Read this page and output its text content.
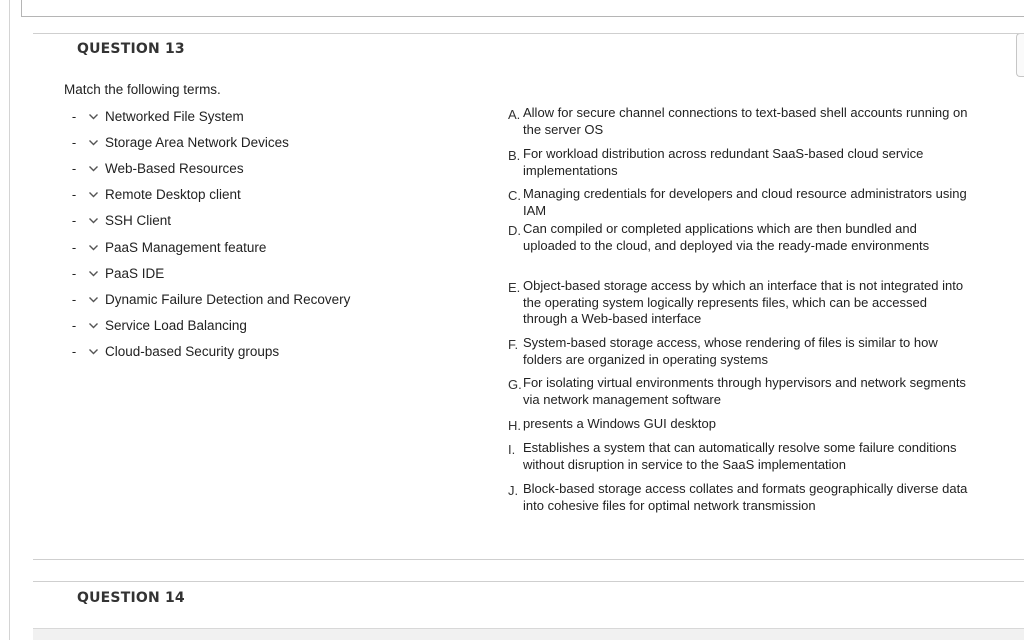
QUESTION 13
Match the following terms.
-	Networked File System
-	Storage Area Network Devices
-	Web-Based Resources
-	Remote Desktop client
-	SSH Client
-	PaaS Management feature
-	PaaS IDE
-	Dynamic Failure Detection and Recovery
-	Service Load Balancing
-	Cloud-based Security groups
A. Allow for secure channel connections to text-based shell accounts running on the server OS
B. For workload distribution across redundant SaaS-based cloud service implementations
C. Managing credentials for developers and cloud resource administrators using IAM
D. Can compiled or completed applications which are then bundled and uploaded to the cloud, and deployed via the ready-made environments
E. Object-based storage access by which an interface that is not integrated into the operating system logically represents files, which can be accessed through a Web-based interface
F. System-based storage access, whose rendering of files is similar to how folders are organized in operating systems
G. For isolating virtual environments through hypervisors and network segments via network management software
H. presents a Windows GUI desktop
I. Establishes a system that can automatically resolve some failure conditions without disruption in service to the SaaS implementation
J. Block-based storage access collates and formats geographically diverse data into cohesive files for optimal network transmission
QUESTION 14
